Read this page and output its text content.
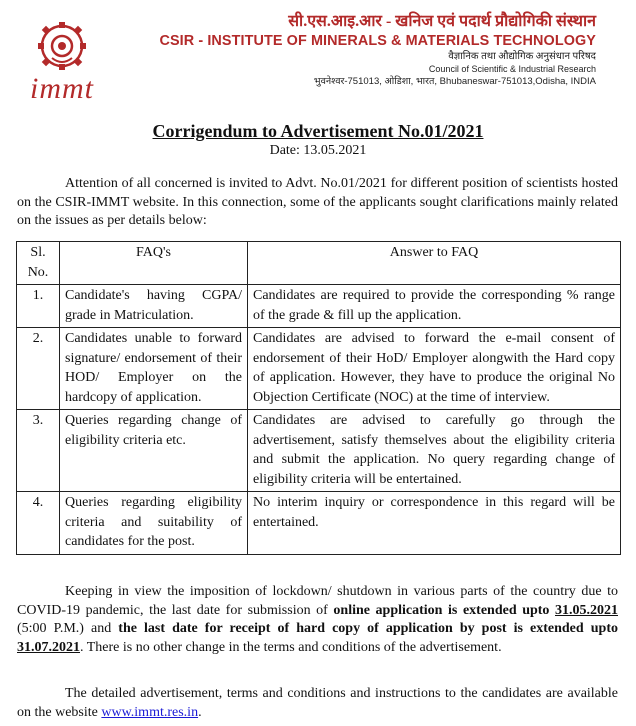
immt
सी.एस.आइ.आर - खनिज एवं पदार्थ प्रौद्योगिकी संस्थान
CSIR - INSTITUTE OF MINERALS & MATERIALS TECHNOLOGY
वैज्ञानिक तथा औद्योगिक अनुसंधान परिषद
Council of Scientific & Industrial Research
भुवनेश्वर-751013, ओडिशा, भारत, Bhubaneswar-751013,Odisha, INDIA
Corrigendum to Advertisement No.01/2021
Date: 13.05.2021
Attention of all concerned is invited to Advt. No.01/2021 for different position of scientists hosted on the CSIR-IMMT website. In this connection, some of the applicants sought clarifications mainly related on the issues as per details below:
Sl. No.	FAQ's	Answer to FAQ
1.	Candidate's having CGPA/ grade in Matriculation.	Candidates are required to provide the corresponding % range of the grade & fill up the application.
2.	Candidates unable to forward signature/ endorsement of their HOD/ Employer on the hardcopy of application.	Candidates are advised to forward the e-mail consent of endorsement of their HoD/ Employer alongwith the Hard copy of application. However, they have to produce the original No Objection Certificate (NOC) at the time of interview.
3.	Queries regarding change of eligibility criteria etc.	Candidates are advised to carefully go through the advertisement, satisfy themselves about the eligibility criteria and submit the application. No query regarding change of eligibility criteria will be entertained.
4.	Queries regarding eligibility criteria and suitability of candidates for the post.	No interim inquiry or correspondence in this regard will be entertained.
Keeping in view the imposition of lockdown/ shutdown in various parts of the country due to COVID-19 pandemic, the last date for submission of online application is extended upto 31.05.2021 (5:00 P.M.) and the last date for receipt of hard copy of application by post is extended upto 31.07.2021. There is no other change in the terms and conditions of the advertisement.
The detailed advertisement, terms and conditions and instructions to the candidates are available on the website www.immt.res.in.
